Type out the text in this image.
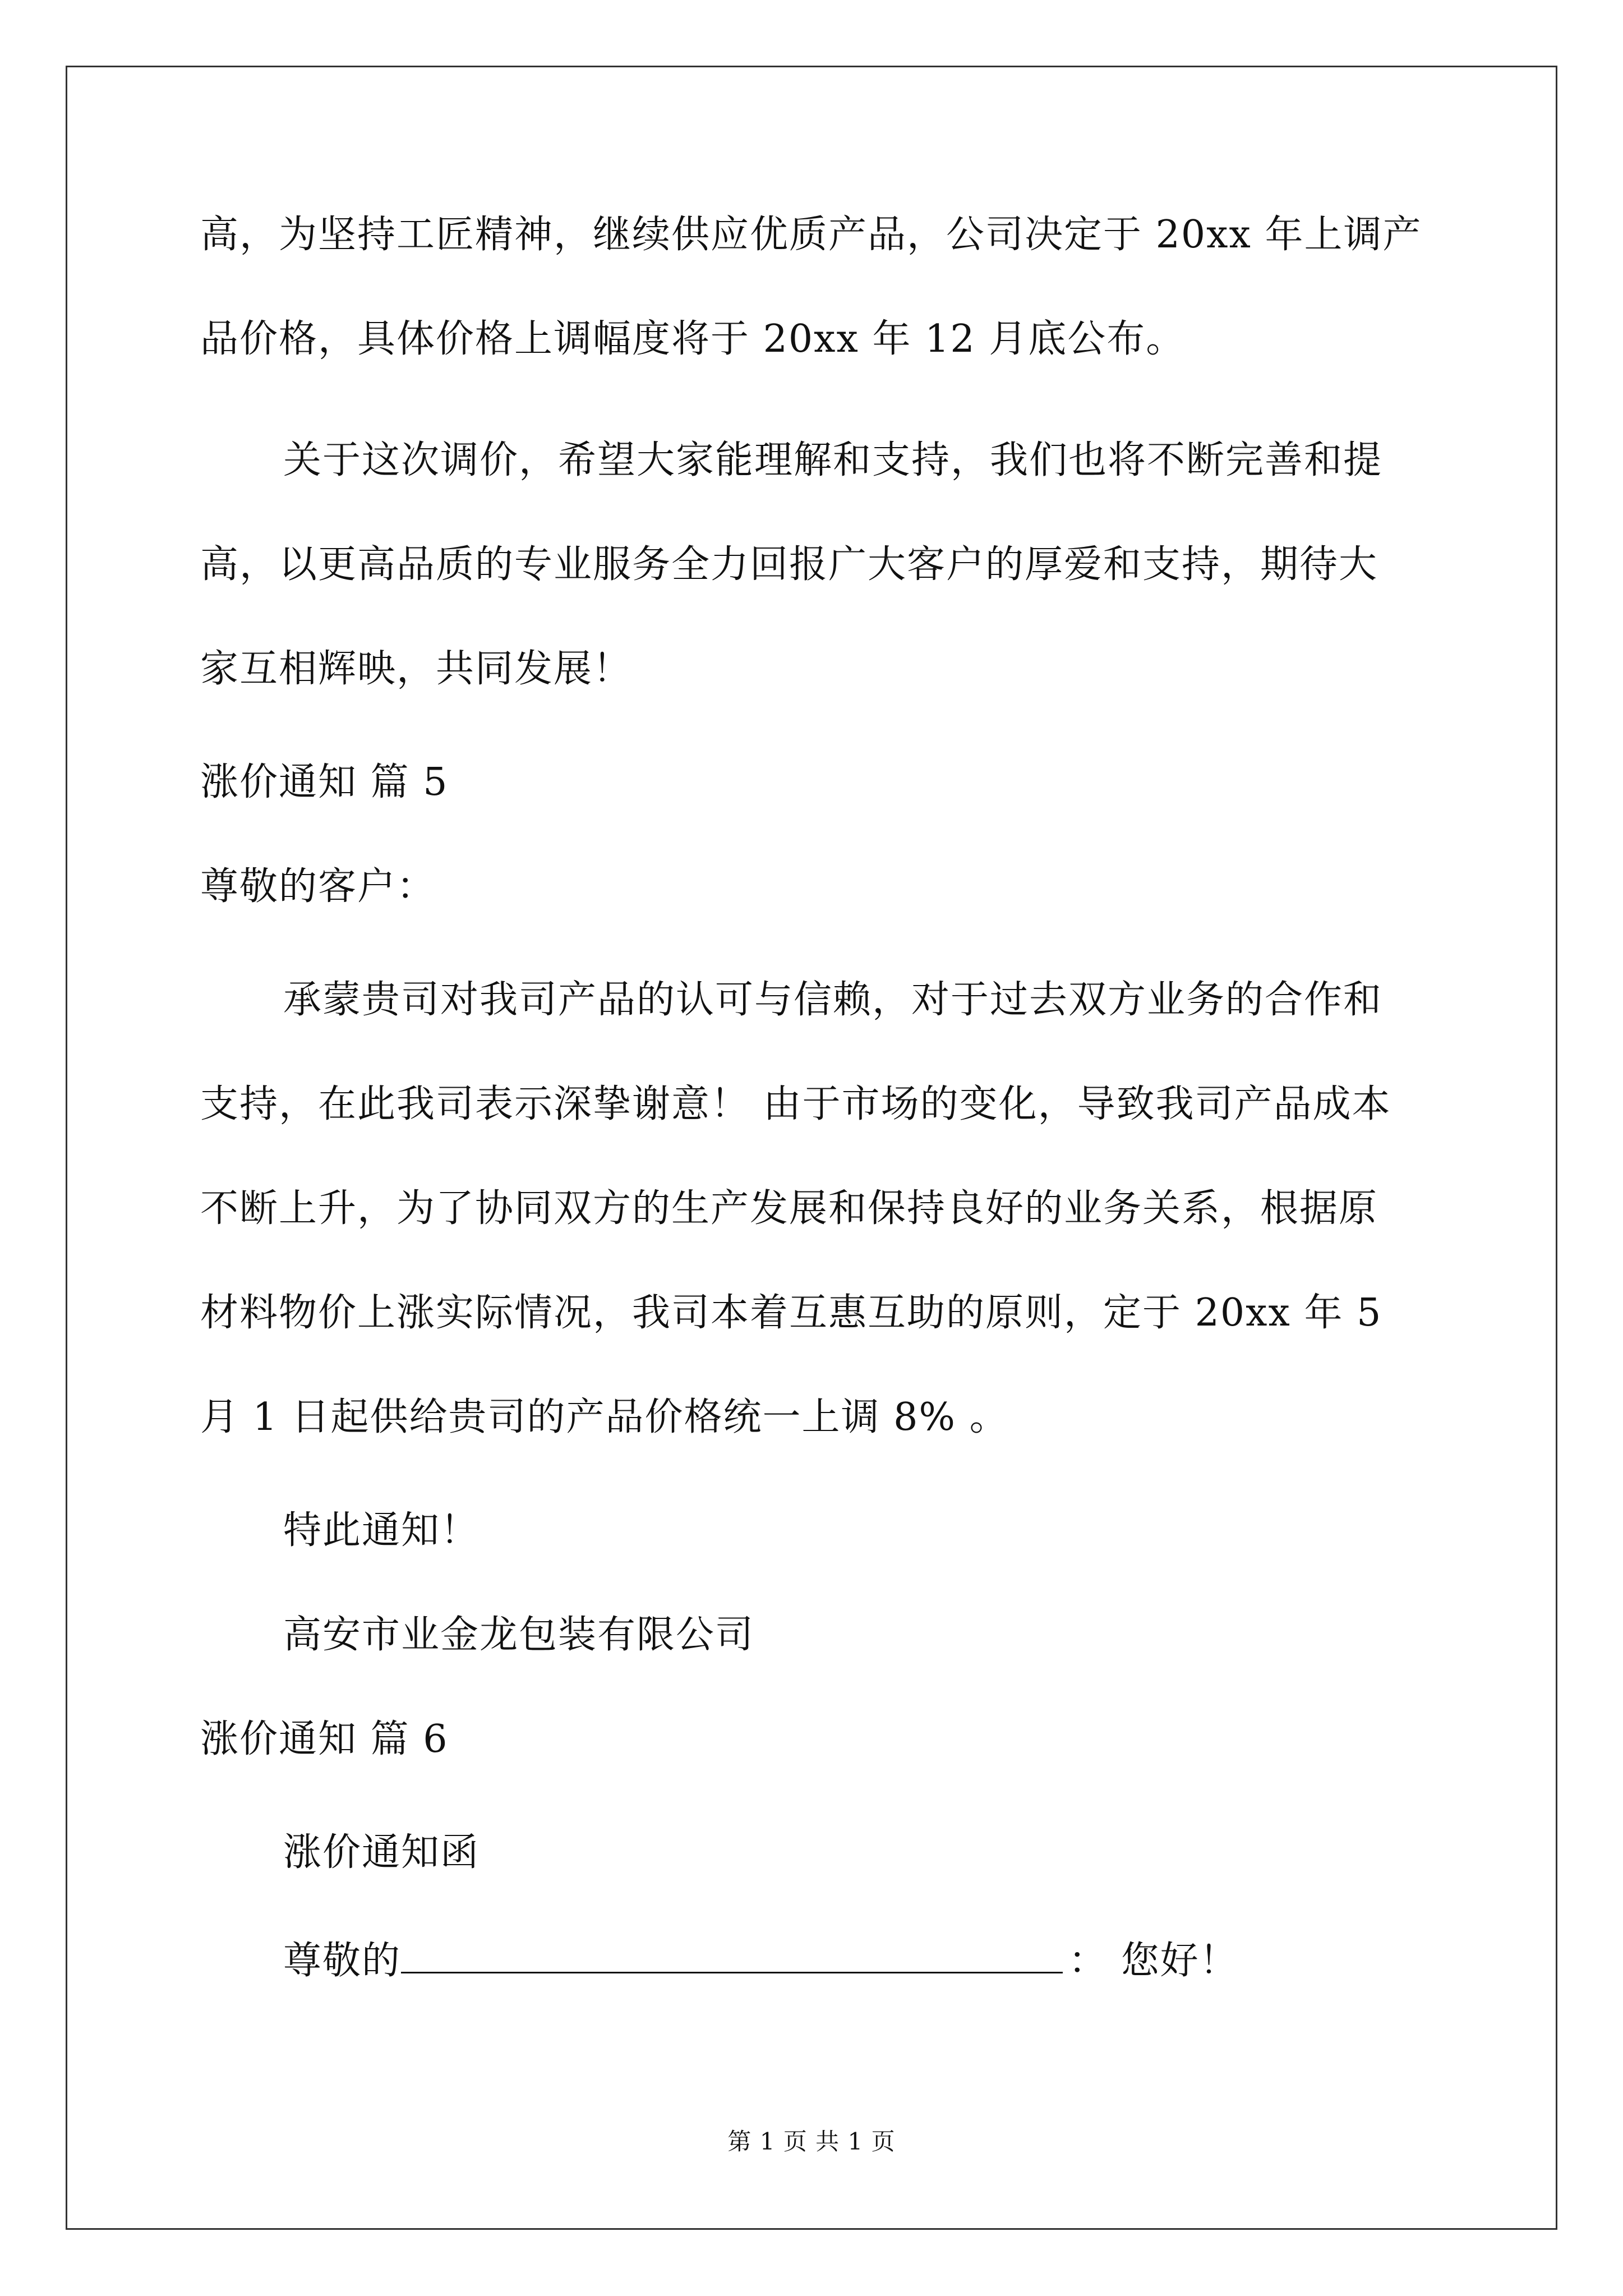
高，为坚持工匠精神，继续供应优质产品，公司决定于 20xx 年上调产
品价格，具体价格上调幅度将于 20xx 年 12 月底公布。
关于这次调价，希望大家能理解和支持，我们也将不断完善和提
高，以更高品质的专业服务全力回报广大客户的厚爱和支持，期待大
家互相辉映，共同发展！
涨价通知 篇 5
尊敬的客户：
承蒙贵司对我司产品的认可与信赖，对于过去双方业务的合作和
支持，在此我司表示深挚谢意！ 由于市场的变化，导致我司产品成本
不断上升，为了协同双方的生产发展和保持良好的业务关系，根据原
材料物价上涨实际情况，我司本着互惠互助的原则，定于 20xx 年 5
月 1 日起供给贵司的产品价格统一上调 8% 。
特此通知！
高安市业金龙包装有限公司
涨价通知 篇 6
涨价通知函
尊敬的	： 您好！
第 1 页 共 1 页
